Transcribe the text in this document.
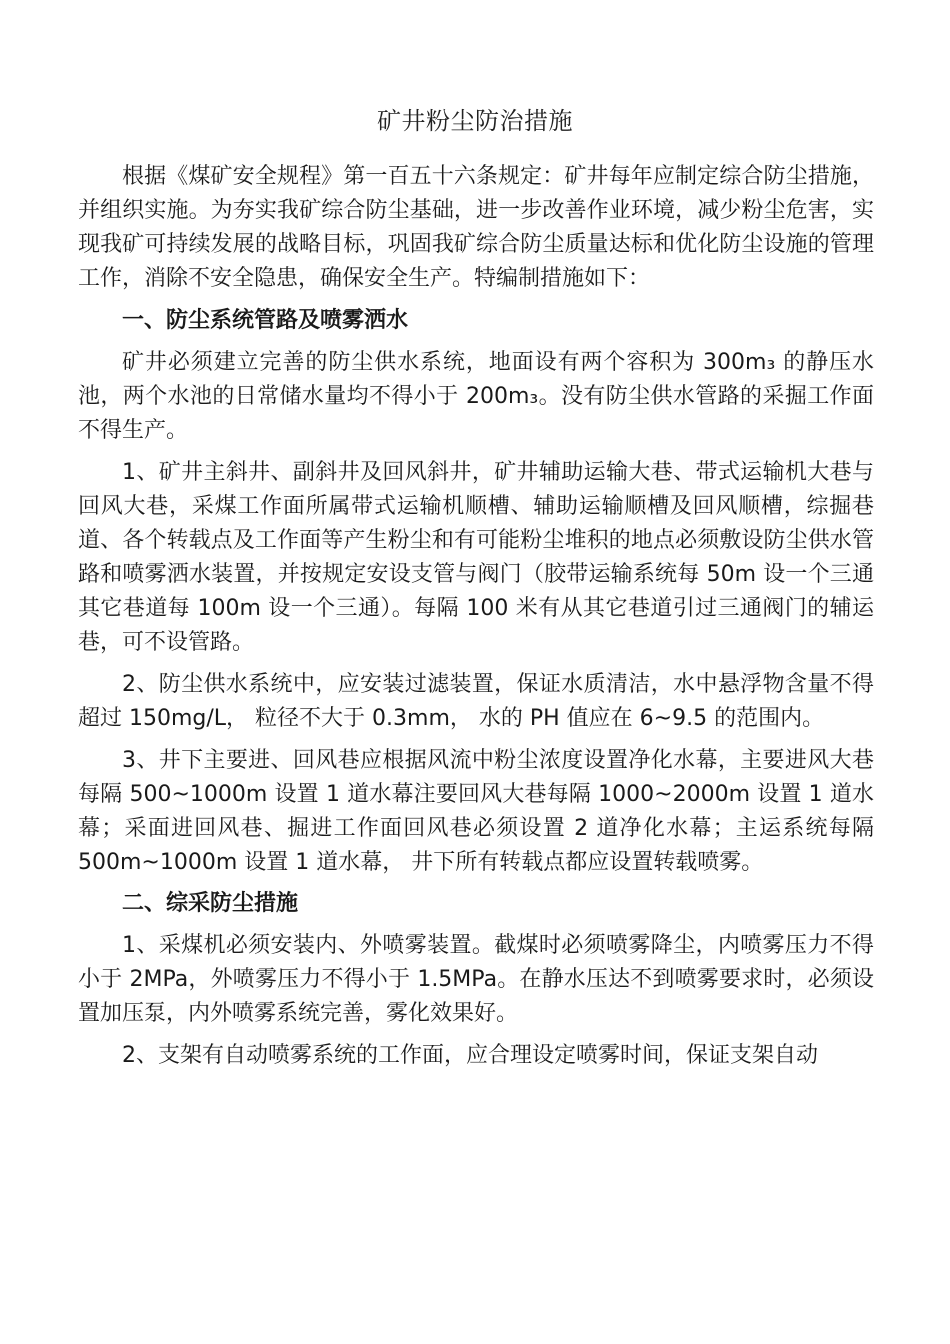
矿井粉尘防治措施

根据《煤矿安全规程》第一百五十六条规定：矿井每年应制定综合防尘措施，并组织实施。为夯实我矿综合防尘基础，进一步改善作业环境，减少粉尘危害，实现我矿可持续发展的战略目标，巩固我矿综合防尘质量达标和优化防尘设施的管理工作，消除不安全隐患，确保安全生产。特编制措施如下：

一、防尘系统管路及喷雾洒水

矿井必须建立完善的防尘供水系统，地面设有两个容积为 300m₃ 的静压水池，两个水池的日常储水量均不得小于 200m₃。没有防尘供水管路的采掘工作面不得生产。

1、矿井主斜井、副斜井及回风斜井，矿井辅助运输大巷、带式运输机大巷与回风大巷，采煤工作面所属带式运输机顺槽、辅助运输顺槽及回风顺槽，综掘巷道、各个转载点及工作面等产生粉尘和有可能粉尘堆积的地点必须敷设防尘供水管路和喷雾洒水装置，并按规定安设支管与阀门（胶带运输系统每 50m 设一个三通其它巷道每 100m 设一个三通）。每隔 100 米有从其它巷道引过三通阀门的辅运巷，可不设管路。

2、防尘供水系统中，应安装过滤装置，保证水质清洁，水中悬浮物含量不得超过 150mg/L， 粒径不大于 0.3mm， 水的 PH 值应在 6~9.5 的范围内。

3、井下主要进、回风巷应根据风流中粉尘浓度设置净化水幕，主要进风大巷每隔 500~1000m 设置 1 道水幕注要回风大巷每隔 1000~2000m 设置 1 道水幕；采面进回风巷、掘进工作面回风巷必须设置 2 道净化水幕；主运系统每隔 500m~1000m 设置 1 道水幕， 井下所有转载点都应设置转载喷雾。

二、综采防尘措施

1、采煤机必须安装内、外喷雾装置。截煤时必须喷雾降尘，内喷雾压力不得小于 2MPa，外喷雾压力不得小于 1.5MPa。在静水压达不到喷雾要求时，必须设置加压泵，内外喷雾系统完善，雾化效果好。

2、支架有自动喷雾系统的工作面，应合理设定喷雾时间，保证支架自动
